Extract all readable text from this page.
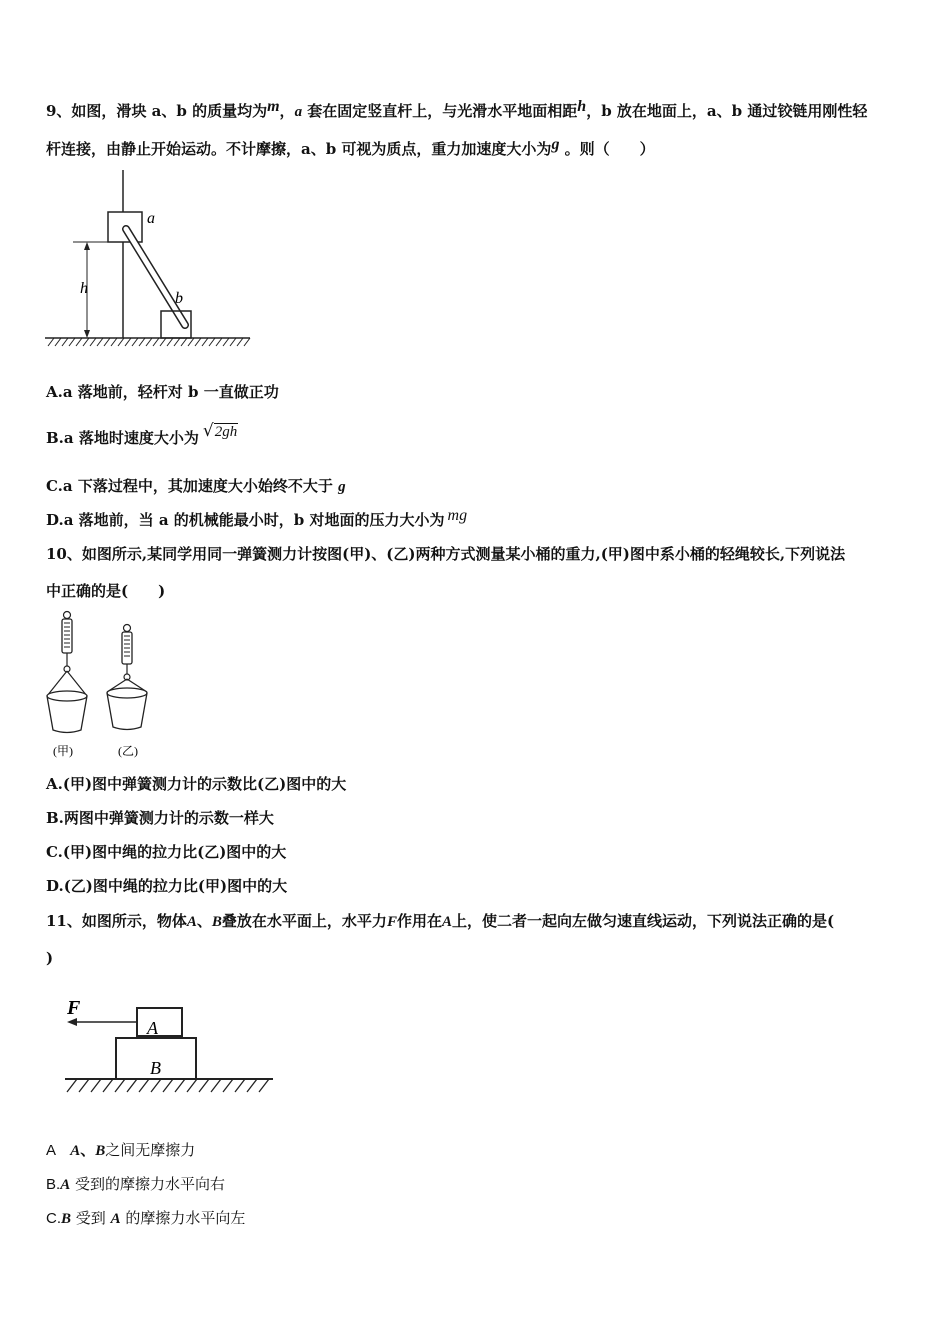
9、如图，滑块 a、b 的质量均为m，a 套在固定竖直杆上，与光滑水平地面相距h，b 放在地面上，a、b 通过铰链用刚性轻
杆连接，由静止开始运动。不计摩擦，a、b 可视为质点，重力加速度大小为g 。则（　　）
a
b
h
A.a 落地前，轻杆对 b 一直做正功
B.a 落地时速度大小为 √2gh
C.a 下落过程中，其加速度大小始终不大于 g
D.a 落地前，当 a 的机械能最小时，b 对地面的压力大小为 mg
10、如图所示,某同学用同一弹簧测力计按图(甲)、(乙)两种方式测量某小桶的重力,(甲)图中系小桶的轻绳较长,下列说法
中正确的是(　　)
(甲)	(乙)
A.(甲)图中弹簧测力计的示数比(乙)图中的大
B.两图中弹簧测力计的示数一样大
C.(甲)图中绳的拉力比(乙)图中的大
D.(乙)图中绳的拉力比(甲)图中的大
11、如图所示，物体A、B叠放在水平面上，水平力F作用在A上，使二者一起向左做匀速直线运动，下列说法正确的是(
)
F
A
B
A　A、B之间无摩擦力
B.A 受到的摩擦力水平向右
C.B 受到 A 的摩擦力水平向左
